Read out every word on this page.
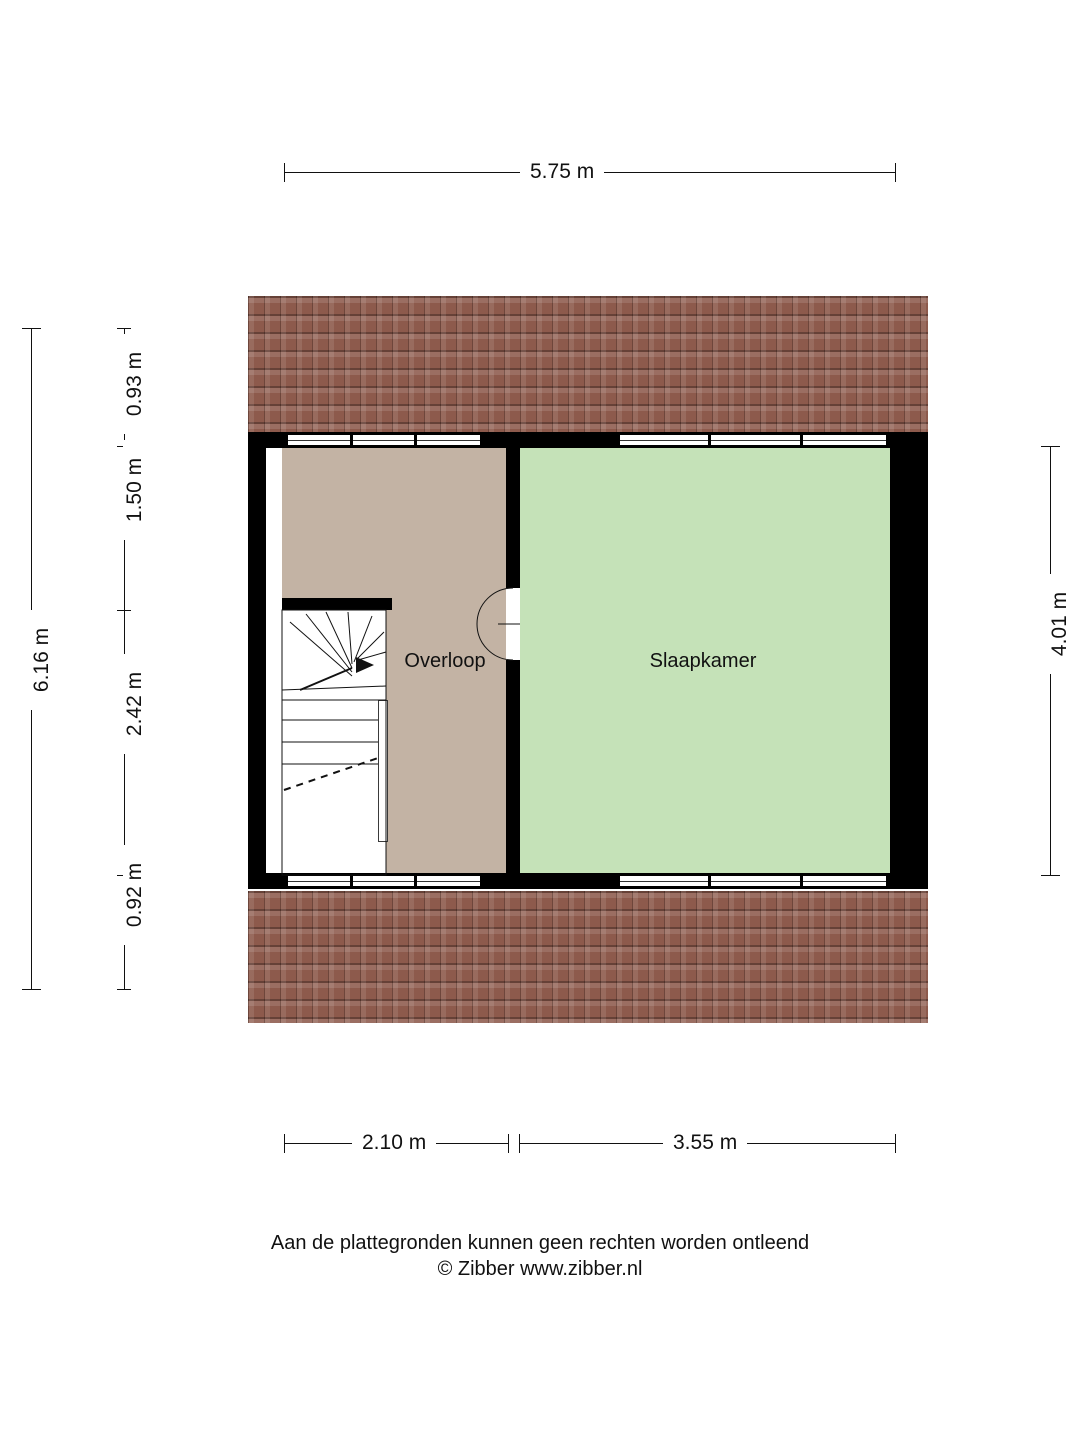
5.75 m
6.16 m
0.93 m
1.50 m
2.42 m
0.92 m
4.01 m
Overloop	Slaapkamer
2.10 m	3.55 m
Aan de plattegronden kunnen geen rechten worden ontleend
© Zibber www.zibber.nl
